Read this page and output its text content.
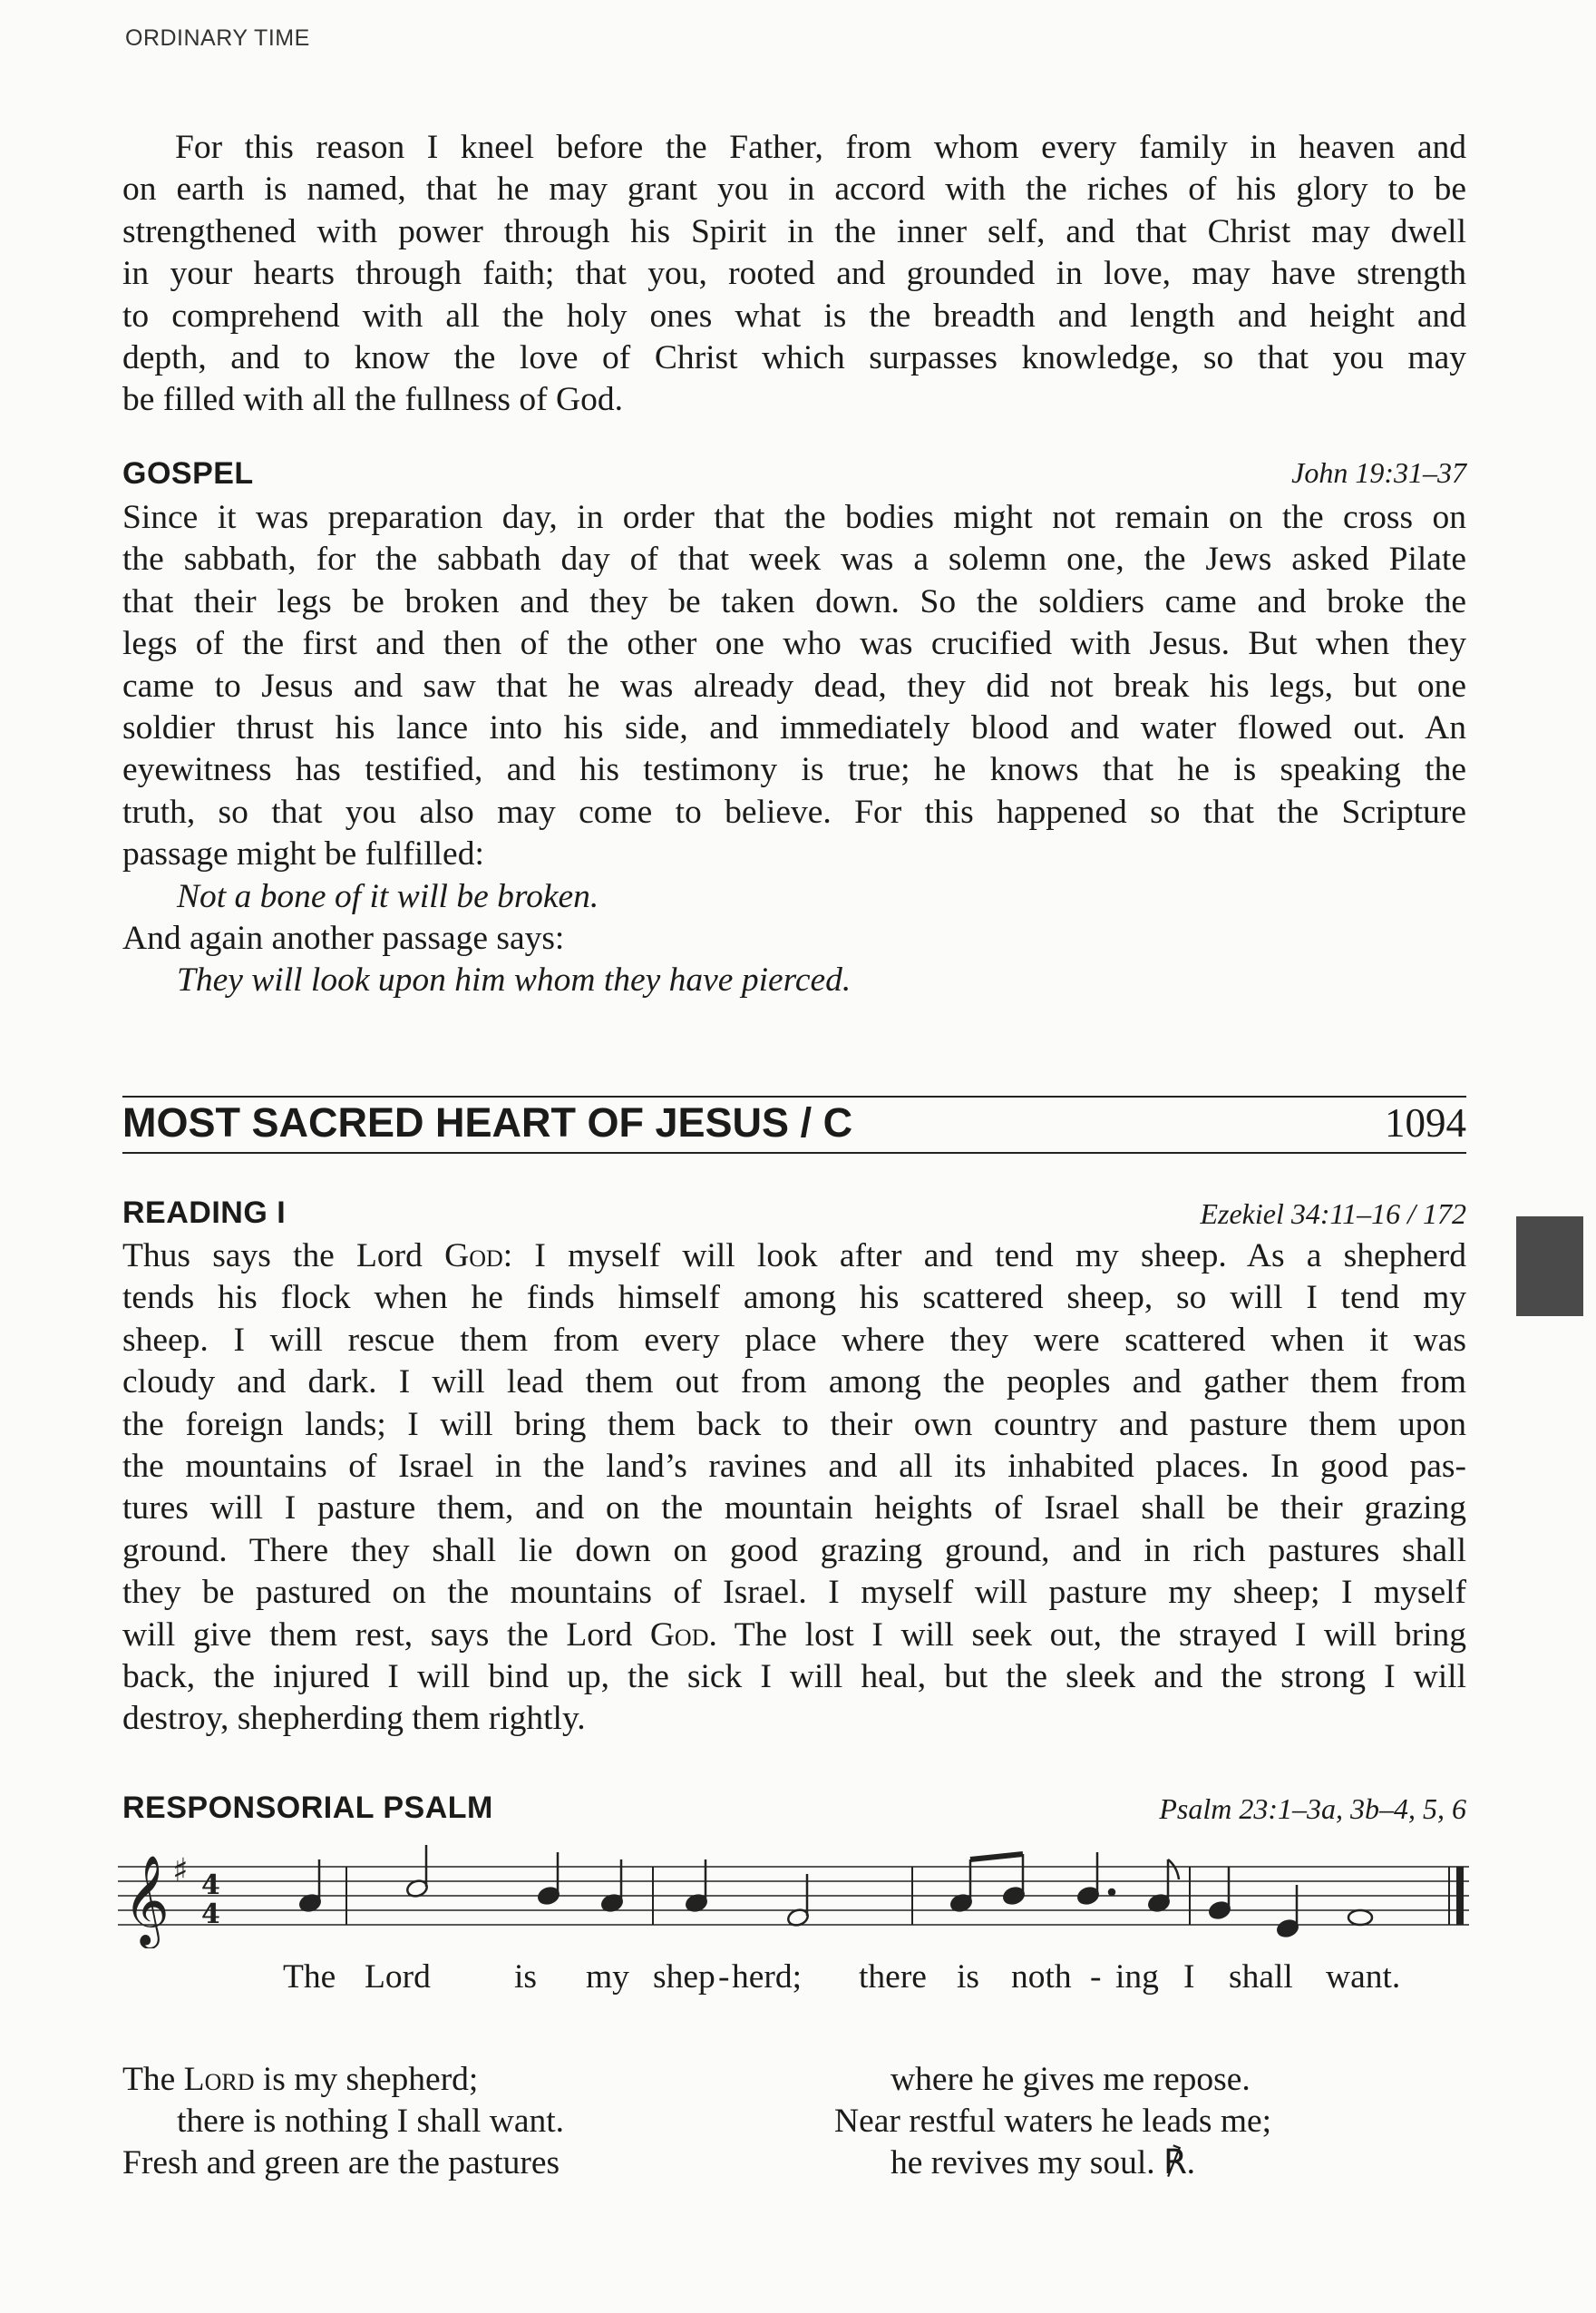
ORDINARY TIME
For this reason I kneel before the Father, from whom every family in heaven and
on earth is named, that he may grant you in accord with the riches of his glory to be
strengthened with power through his Spirit in the inner self, and that Christ may dwell
in your hearts through faith; that you, rooted and grounded in love, may have strength
to comprehend with all the holy ones what is the breadth and length and height and
depth, and to know the love of Christ which surpasses knowledge, so that you may
be filled with all the fullness of God.
GOSPEL	John 19:31–37
Since it was preparation day, in order that the bodies might not remain on the cross on
the sabbath, for the sabbath day of that week was a solemn one, the Jews asked Pilate
that their legs be broken and they be taken down. So the soldiers came and broke the
legs of the first and then of the other one who was crucified with Jesus. But when they
came to Jesus and saw that he was already dead, they did not break his legs, but one
soldier thrust his lance into his side, and immediately blood and water flowed out. An
eyewitness has testified, and his testimony is true; he knows that he is speaking the
truth, so that you also may come to believe. For this happened so that the Scripture
passage might be fulfilled:
Not a bone of it will be broken.
And again another passage says:
They will look upon him whom they have pierced.
MOST SACRED HEART OF JESUS / C	1094
READING I	Ezekiel 34:11–16 / 172
Thus says the Lord God: I myself will look after and tend my sheep. As a shepherd
tends his flock when he finds himself among his scattered sheep, so will I tend my
sheep. I will rescue them from every place where they were scattered when it was
cloudy and dark. I will lead them out from among the peoples and gather them from
the foreign lands; I will bring them back to their own country and pasture them upon
the mountains of Israel in the land’s ravines and all its inhabited places. In good pas-
tures will I pasture them, and on the mountain heights of Israel shall be their grazing
ground. There they shall lie down on good grazing ground, and in rich pastures shall
they be pastured on the mountains of Israel. I myself will pasture my sheep; I myself
will give them rest, says the Lord God. The lost I will seek out, the strayed I will bring
back, the injured I will bind up, the sick I will heal, but the sleek and the strong I will
destroy, shepherding them rightly.
RESPONSORIAL PSALM	Psalm 23:1–3a, 3b–4, 5, 6
𝄞 ♯ 4
4
The Lord is my shep - herd; there is noth - ing I shall want.
The Lord is my shepherd;
there is nothing I shall want.
Fresh and green are the pastures
where he gives me repose.
Near restful waters he leads me;
he revives my soul. ℟.
